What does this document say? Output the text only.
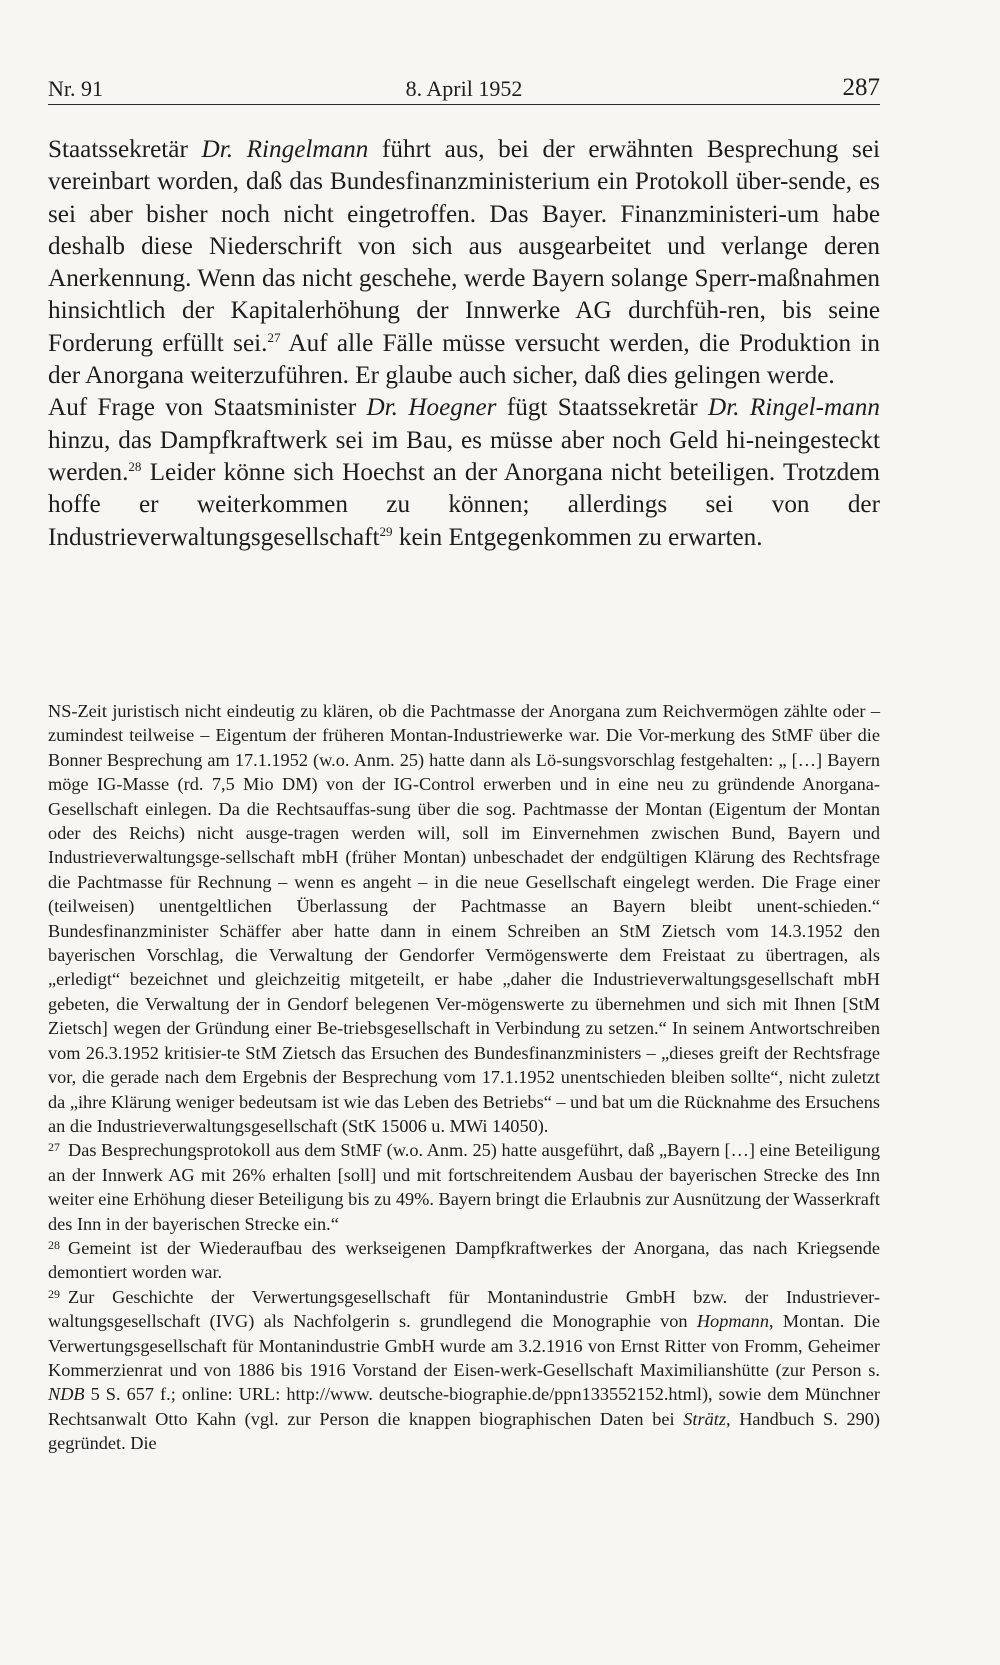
Nr. 91	8. April 1952	287

Staatssekretär Dr. Ringelmann führt aus, bei der erwähnten Besprechung sei vereinbart worden, daß das Bundesfinanzministerium ein Protokoll über-sende, es sei aber bisher noch nicht eingetroffen. Das Bayer. Finanzministeri-um habe deshalb diese Niederschrift von sich aus ausgearbeitet und verlange deren Anerkennung. Wenn das nicht geschehe, werde Bayern solange Sperr-maßnahmen hinsichtlich der Kapitalerhöhung der Innwerke AG durchfüh-ren, bis seine Forderung erfüllt sei.$^{27}$ Auf alle Fälle müsse versucht werden, die Produktion in der Anorgana weiterzuführen. Er glaube auch sicher, daß dies gelingen werde.

Auf Frage von Staatsminister Dr. Hoegner fügt Staatssekretär Dr. Ringel-mann hinzu, das Dampfkraftwerk sei im Bau, es müsse aber noch Geld hi-neingesteckt werden.$^{28}$ Leider könne sich Hoechst an der Anorgana nicht beteiligen. Trotzdem hoffe er weiterkommen zu können; allerdings sei von der Industrieverwaltungsgesellschaft$^{29}$ kein Entgegenkommen zu erwarten.

NS-Zeit juristisch nicht eindeutig zu klären, ob die Pachtmasse der Anorgana zum Reichvermögen zählte oder – zumindest teilweise – Eigentum der früheren Montan-Industriewerke war. Die Vor-merkung des StMF über die Bonner Besprechung am 17.1.1952 (w.o. Anm. 25) hatte dann als Lö-sungsvorschlag festgehalten: „ […] Bayern möge IG-Masse (rd. 7,5 Mio DM) von der IG-Control erwerben und in eine neu zu gründende Anorgana-Gesellschaft einlegen. Da die Rechtsauffas-sung über die sog. Pachtmasse der Montan (Eigentum der Montan oder des Reichs) nicht ausge-tragen werden will, soll im Einvernehmen zwischen Bund, Bayern und Industrieverwaltungsge-sellschaft mbH (früher Montan) unbeschadet der endgültigen Klärung des Rechtsfrage die Pachtmasse für Rechnung – wenn es angeht – in die neue Gesellschaft eingelegt werden. Die Frage einer (teilweisen) unentgeltlichen Überlassung der Pachtmasse an Bayern bleibt unent-schieden.“ Bundesfinanzminister Schäffer aber hatte dann in einem Schreiben an StM Zietsch vom 14.3.1952 den bayerischen Vorschlag, die Verwaltung der Gendorfer Vermögenswerte dem Freistaat zu übertragen, als „erledigt“ bezeichnet und gleichzeitig mitgeteilt, er habe „daher die Industrieverwaltungsgesellschaft mbH gebeten, die Verwaltung der in Gendorf belegenen Ver-mögenswerte zu übernehmen und sich mit Ihnen [StM Zietsch] wegen der Gründung einer Be-triebsgesellschaft in Verbindung zu setzen.“ In seinem Antwortschreiben vom 26.3.1952 kritisier-te StM Zietsch das Ersuchen des Bundesfinanzministers – „dieses greift der Rechtsfrage vor, die gerade nach dem Ergebnis der Besprechung vom 17.1.1952 unentschieden bleiben sollte“, nicht zuletzt da „ihre Klärung weniger bedeutsam ist wie das Leben des Betriebs“ – und bat um die Rücknahme des Ersuchens an die Industrieverwaltungsgesellschaft (StK 15006 u. MWi 14050).

27 Das Besprechungsprotokoll aus dem StMF (w.o. Anm. 25) hatte ausgeführt, daß „Bayern […] eine Beteiligung an der Innwerk AG mit 26% erhalten [soll] und mit fortschreitendem Ausbau der bayerischen Strecke des Inn weiter eine Erhöhung dieser Beteiligung bis zu 49%. Bayern bringt die Erlaubnis zur Ausnützung der Wasserkraft des Inn in der bayerischen Strecke ein.“

28 Gemeint ist der Wiederaufbau des werkseigenen Dampfkraftwerkes der Anorgana, das nach Kriegsende demontiert worden war.

29 Zur Geschichte der Verwertungsgesellschaft für Montanindustrie GmbH bzw. der Industriever-waltungsgesellschaft (IVG) als Nachfolgerin s. grundlegend die Monographie von Hopmann, Montan. Die Verwertungsgesellschaft für Montanindustrie GmbH wurde am 3.2.1916 von Ernst Ritter von Fromm, Geheimer Kommerzienrat und von 1886 bis 1916 Vorstand der Eisen-werk-Gesellschaft Maximilianshütte (zur Person s. NDB 5 S. 657 f.; online: URL: http://www. deutsche-biographie.de/ppn133552152.html), sowie dem Münchner Rechtsanwalt Otto Kahn (vgl. zur Person die knappen biographischen Daten bei Strätz, Handbuch S. 290) gegründet. Die
